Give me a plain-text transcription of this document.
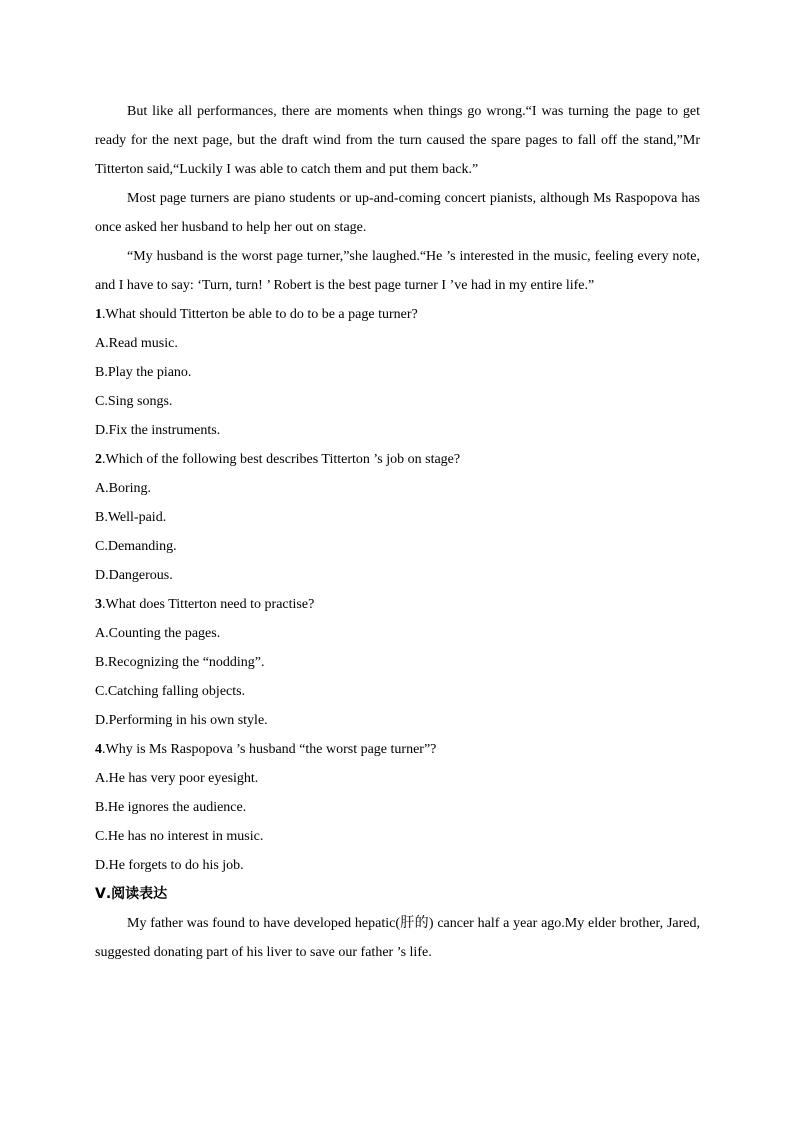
But like all performances, there are moments when things go wrong.“I was turning the page to get ready for the next page, but the draft wind from the turn caused the spare pages to fall off the stand,”Mr Titterton said,“Luckily I was able to catch them and put them back.”

Most page turners are piano students or up-and-coming concert pianists, although Ms Raspopova has once asked her husband to help her out on stage.

“My husband is the worst page turner,”she laughed.“He ’s interested in the music, feeling every note, and I have to say: ‘Turn, turn! ’ Robert is the best page turner I ’ve had in my entire life.”

1.What should Titterton be able to do to be a page turner?

A.Read music.

B.Play the piano.

C.Sing songs.

D.Fix the instruments.

2.Which of the following best describes Titterton ’s job on stage?

A.Boring.

B.Well-paid.

C.Demanding.

D.Dangerous.

3.What does Titterton need to practise?

A.Counting the pages.

B.Recognizing the “nodding”.

C.Catching falling objects.

D.Performing in his own style.

4.Why is Ms Raspopova ’s husband “the worst page turner”?

A.He has very poor eyesight.

B.He ignores the audience.

C.He has no interest in music.

D.He forgets to do his job.

Ⅴ.阅读表达

My father was found to have developed hepatic(肝的) cancer half a year ago.My elder brother, Jared, suggested donating part of his liver to save our father ’s life.
